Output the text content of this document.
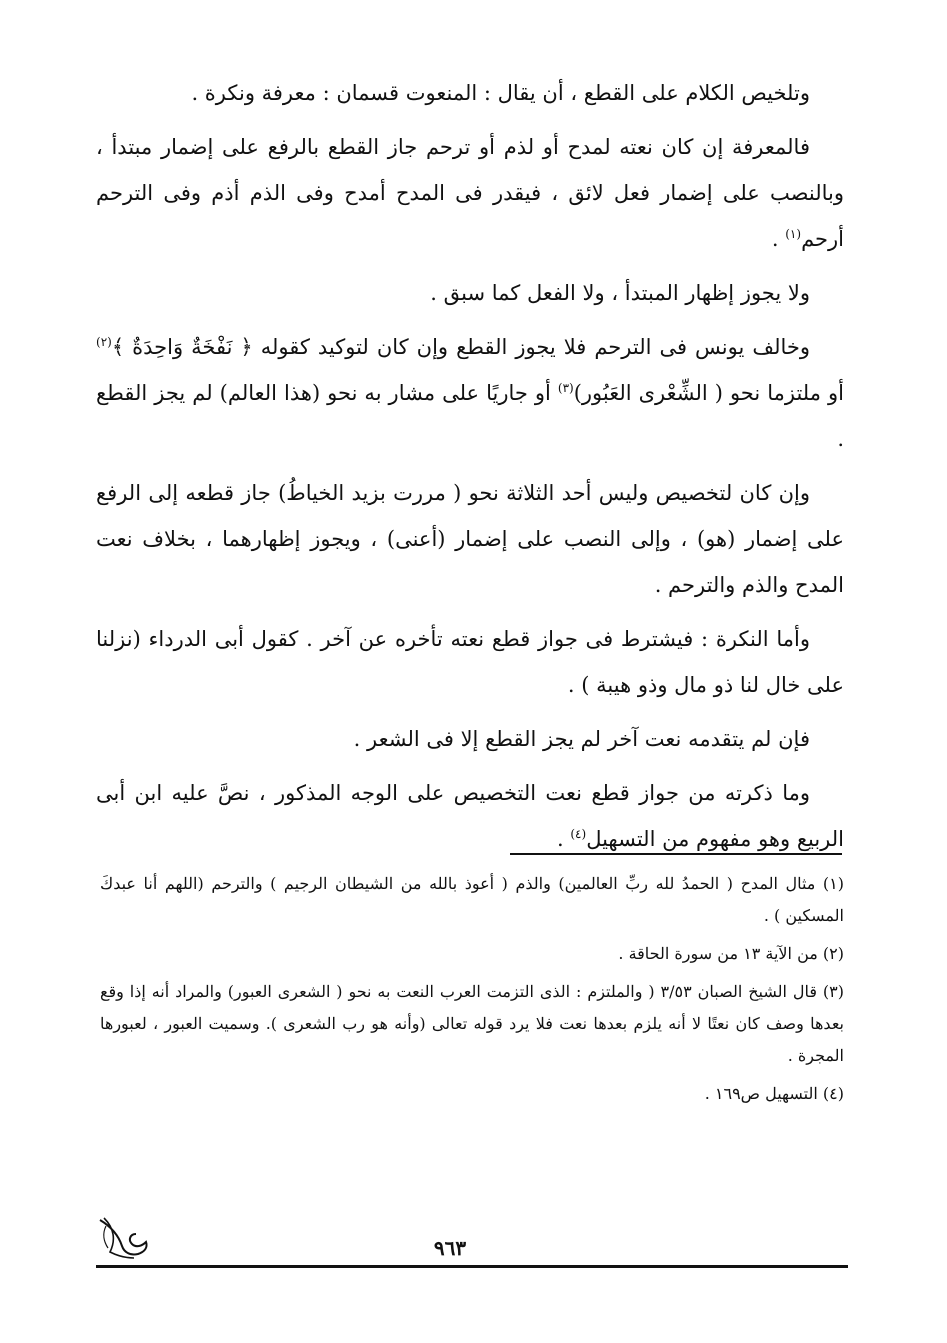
وتلخيص الكلام على القطع ، أن يقال : المنعوت قسمان : معرفة ونكرة .

فالمعرفة إن كان نعته لمدح أو لذم أو ترحم جاز القطع بالرفع على إضمار مبتدأ ، وبالنصب على إضمار فعل لائق ، فيقدر فى المدح أمدح وفى الذم أذم وفى الترحم أرحم$^{(١)}$ .

ولا يجوز إظهار المبتدأ ، ولا الفعل كما سبق .

وخالف يونس فى الترحم فلا يجوز القطع وإن كان لتوكيد كقوله ﴿ نَفْخَةٌ وَاحِدَةٌ ﴾$^{(٢)}$ أو ملتزما نحو ( الشِّعْرى العَبُور)$^{(٣)}$ أو جاريًا على مشار به نحو (هذا العالم) لم يجز القطع .

وإن كان لتخصيص وليس أحد الثلاثة نحو ( مررت بزيد الخياطُ) جاز قطعه إلى الرفع على إضمار (هو) ، وإلى النصب على إضمار (أعنى) ، ويجوز إظهارهما ، بخلاف نعت المدح والذم والترحم .

وأما النكرة : فيشترط فى جواز قطع نعته تأخره عن آخر . كقول أبى الدرداء (نزلنا على خال لنا ذو مال وذو هيبة ) .

فإن لم يتقدمه نعت آخر لم يجز القطع إلا فى الشعر .

وما ذكرته من جواز قطع نعت التخصيص على الوجه المذكور ، نصَّ عليه ابن أبى الربيع وهو مفهوم من التسهيل$^{(٤)}$ .

(١) مثال المدح ( الحمدُ لله ربِّ العالمين) والذم ( أعوذ بالله من الشيطان الرجيم ) والترحم (اللهم أنا عبدكَ المسكين ) .

(٢) من الآية ١٣ من سورة الحاقة .

(٣) قال الشيخ الصبان ٣/٥٣ ( والملتزم : الذى التزمت العرب النعت به نحو ( الشعرى العبور) والمراد أنه إذا وقع بعدها وصف كان نعتًا لا أنه يلزم بعدها نعت فلا يرد قوله تعالى (وأنه هو رب الشعرى ). وسميت العبور ، لعبورها المجرة .

(٤) التسهيل ص١٦٩ .

٩٦٣
